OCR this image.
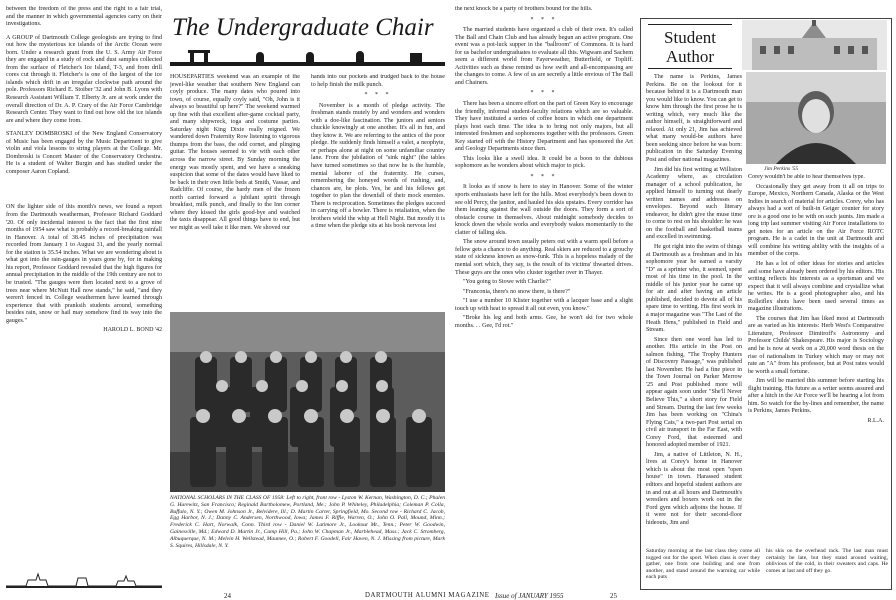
between the freedom of the press and the right to a fair trial, and the manner in which governmental agencies carry on their investigations.

A GROUP of Dartmouth College geologists are trying to find out how the mysterious ice islands of the Arctic Ocean were born. Under a research grant from the U. S. Army Air Force they are engaged in a study of rock and dust samples collected from the surface of Fletcher's Ice Island, T-3, and from drill cores cut through it. Fletcher's is one of the largest of the ice islands which drift in an irregular clockwise path around the pole. Professors Richard E. Stoiber '32 and John B. Lyons with Research Assistant William T. Elberty Jr. are at work under the overall direction of Dr. A. P. Crary of the Air Force Cambridge Research Center. They want to find out how old the ice islands are and where they come from.

STANLEY DOMBROSKI of the New England Conservatory of Music has been engaged by the Music Department to give violin and viola lessons to string players at the College. Mr. Dombroski is Concert Master of the Conservatory Orchestra. He is a student of Walter Burgin and has studied under the composer Aaron Copland.

ON the lighter side of this month's news, we found a report from the Dartmouth weatherman, Professor Richard Goddard '20. Of only incidental interest is the fact that the first nine months of 1954 saw what is probably a record-breaking rainfall in Hanover. A total of 38.45 inches of precipitation was recorded from January 1 to August 31, and the yearly normal for the station is 35.54 inches. What we are wondering about is what got into the rain-gauges in years gone by, for in making his report, Professor Goddard revealed that the high figures for annual precipitation in the middle of the 19th century are not to be trusted. "The gauges were then located next to a grove of trees near where McNutt Hall now stands," he said, "and they weren't fenced in. College weathermen have learned through experience that with pranksih students around, something besides rain, snow or hail may somehow find its way into the gauges."

HAROLD L. BOND '42
The Undergraduate Chair

HOUSEPARTIES weekend was an example of the jewel-like weather that southern New England can coyly produce. The many dates who poured into town, of course, equally coyly said, "Oh, John is it always so beautiful up here?" The weekend warmed up fine with that excellent after-game cocktail party, and many shipwreck, toga and costume parties. Saturday night King Dixie really reigned. We wandered down Fraternity Row listening to vigorous thumps from the bass, the odd cornet, and plinging guitar. The houses seemed to vie with each other across the narrow street. By Sunday morning the energy was mostly spent, and we have a sneaking suspicion that some of the dates would have liked to be back in their own little beds at Smith, Vassar, and Radcliffe. Of course, the hardy men of the frozen north carried forward a jubilant spirit through breakfast, milk punch, and finally to the Inn corner where they kissed the girls good-bye and watched the taxis disappear. All good things have to end, but we might as well take it like men. We shoved our

hands into our pockets and trudged back to the house to help finish the milk punch.

* * *

November is a month of pledge activity. The freshman stands mutely by and wonders and wonders with a doe-like fascination. The juniors and seniors chuckle knowingly at one another. It's all in fun, and they know it. We are referring to the antics of the poor pledge. He suddenly finds himself a valet, a neophyte, or perhaps alone at night on some unfamiliar country lane. From the jubilation of "sink night" (the tables have turned sometimes so that now he is the humble, menial laborer of the fraternity. He curses, remembering the honeyed words of rushing, and, chances are, he plots. Yes, he and his fellows get together to plan the downfall of their mock enemies. There is reciprocation. Sometimes the pledges succeed in carrying off a bowler. There is retaliation, when the brothers wield the whip at Hell Night. But mostly it is a time when the pledge sits at his book nervous lest

NATIONAL SCHOLARS IN THE CLASS OF 1958: Left to right, front row - Lyston W. Kernan, Washington, D. C.; Phalen G. Hurewitz, San Francisco; Reginald Bartholomew, Portland, Me.; John P. Whiteley, Philadelphia; Coleman P. Colla, Buffalo, N. Y.; Owen M. Johnson Jr., Belvidere, Ill.; D. Martin Carter, Springfield, Mo. Second row - Richard C. Jacob, Egg Harbor, N. J.; Danny C. Andersen, Northwood, Iowa; James F. Riffle, Warren, O.; John O. Pall, Mound, Minn.; Frederick C. Hart, Norwalk, Conn. Third row - Daniel W. Latimore Jr., Lookout Mt., Tenn.; Peter W. Goodwin, Gainesville, Md.; Edward D. Martin Jr., Camp Hill, Pa.; John W. Chapman Jr., Marblehead, Mass.; Jack C. Stromberg, Albuquerque, N. M.; Melvin H. Wellstead, Maumee, O.; Robert F. Goodell, Fair Haven, N. J. Missing from picture, Mark S. Squires, Hillsdale, N. Y.

the next knock be a party of brothers bound for the hills.

* * *

The married students have organized a club of their own. It's called The Ball and Chain Club and has already begun an active program. One event was a pot-luck supper in the "ballroom" of Commons. It is hard for us bachelor undergraduates to evaluate all this. Wigwam and Sachem seem a different world from Fayerweather, Butterfield, or Topliff. Activities such as these remind us how swift and all-encompassing are the changes to come. A few of us are secretly a little envious of The Ball and Chainers.

* * *

There has been a sincere effort on the part of Green Key to encourage the friendly, informal student-faculty relations which are so valuable. They have instituted a series of coffee hours in which one department plays host each time. The idea is to bring not only majors, but all interested freshmen and sophomores together with the professors. Green Key started off with the History Department and has sponsored the Art and Geology Departments since then.

This looks like a swell idea. It could be a boon to the dubious sophomore as he wonders about which major to pick.

* * *

It looks as if snow is here to stay in Hanover. Some of the winter sports enthusiasts have left for the hills. Most everybody's been down to see old Percy, the janitor, and hauled his skis upstairs. Every corridor has them leaning against the wall outside the doors. They form a sort of obstacle course in themselves. About midnight somebody decides to knock down the whole works and everybody wakes momentarily to the clatter of falling skis.

The snow around town usually peters out with a warm spell before a fellow gets a chance to do anything. Real skiers are reduced to a grouchy state of sickness known as snow-funk. This is a hopeless malady of the mental sort which, they say, is the result of its victims' thwarted drives. These guys are the ones who cluster together over in Thayer.

"You going to Stowe with Charlie?"

"Franconia, there's no snow there, is there?"

"I use a number 10 Klister together with a lacquer base and a slight touch up with heat to spread it all out even, you know."

"Broke his leg and both arms. Gee, he won't ski for two whole months. . . Gee, I'd rot."

Student
Author
Jim Perkins '55

The name is Perkins, James Perkins. Be on the lookout for it because behind it is a Dartmouth man you would like to know. You can get to know him through the first prose he is writing which, very much like the author himself, is straightforward and relaxed. At only 21, Jim has achieved what many would-be authors have been seeking since before he was born: publication in the Saturday Evening Post and other national magazines.

Jim did his first writing at Williston Academy where, as circulation manager of a school publication, he applied himself to turning out dearly written names and addresses on envelopes. Beyond such literary endeavor, he didn't give the muse time to come to rest on his shoulder: he was on the football and basketball teams and excelled in swimming.

He got right into the swim of things at Dartmouth as a freshman and in his sophomore year he earned a varsity "D" as a sprinter who, it seemed, spent most of his time in the pool. In the middle of his junior year he came up for air and after having an article published, decided to devote all of his spare time to writing. His first work in a major magazine was "The Last of the Heath Hens," published in Field and Stream.

Since then one word has led to another. His article in the Post on salmon fishing, "The Trophy Hunters of Discovery Passage," was published last November. He had a fine piece in the Town Journal on Parker Merrow '25 and Post published more will appear again soon under "She'll Never Believe This," a short story for Field and Stream. During the last few weeks Jim has been working on "China's Flying Cats," a two-part Post serial on civil air transport in the Far East, with Corey Ford, that esteemed and honored adopted member of 1921.

Jim, a native of Littleton, N. H., lives at Corey's home in Hanover which is about the most open "open house" in town. Harassed student editors and hopeful student authors are in and out at all hours and Dartmouth's wrestlers and boxers work out in the Ford gym which adjoins the house. If it were not for their second-floor hideouts, Jim and

Corey wouldn't be able to hear themselves type.

Occasionally they get away from it all on trips to Europe, Mexico, Northern Canada, Alaska or the West Indies in search of material for articles. Corey, who has always had a sort of built-in Geiger counter for story ore is a good one to be with on such jaunts. Jim made a long trip last summer visiting Air Force installations to get notes for an article on the Air Force ROTC program. He is a cadet in the unit at Dartmouth and will combine his writing ability with the insights of a member of the corps.

He has a lot of other ideas for stories and articles and some have already been ordered by his editors. His writing reflects his interests as a sportsman and we expect that it will always combine and crystallize what he writes. He is a good photographer also, and his Rolleiflex shots have been used several times as magazine illustrations.

The courses that Jim has liked most at Dartmouth are as varied as his interests: Herb West's Comparative Literature, Professor Dimitroff's Astronomy and Professor Childs' Shakespeare. His major is Sociology and he is now at work on a 20,000 word thesis on the rise of nationalism in Turkey which may or may not rate an "A" from his professor, but at Post rates would be worth a small fortune.

Jim will be married this summer before starting his flight training. His future as a writer seems assured and after a hitch in the Air Force we'll be hearing a lot from him. So watch for the by-lines and remember, the name is Perkins, James Perkins.

R.L.A.
24	DARTMOUTH ALUMNI MAGAZINE Issue of JANUARY 1955	25
Saturday morning at the last class they come all togged out for the sport. When class is over they gather, one from one building and one from another, and stand around the warming car while each puts
his skis on the overhead rack. The last man must certainly be late, but they stand around waiting, oblivious of the cold, in their sweaters and caps. He comes at last and off they go.
